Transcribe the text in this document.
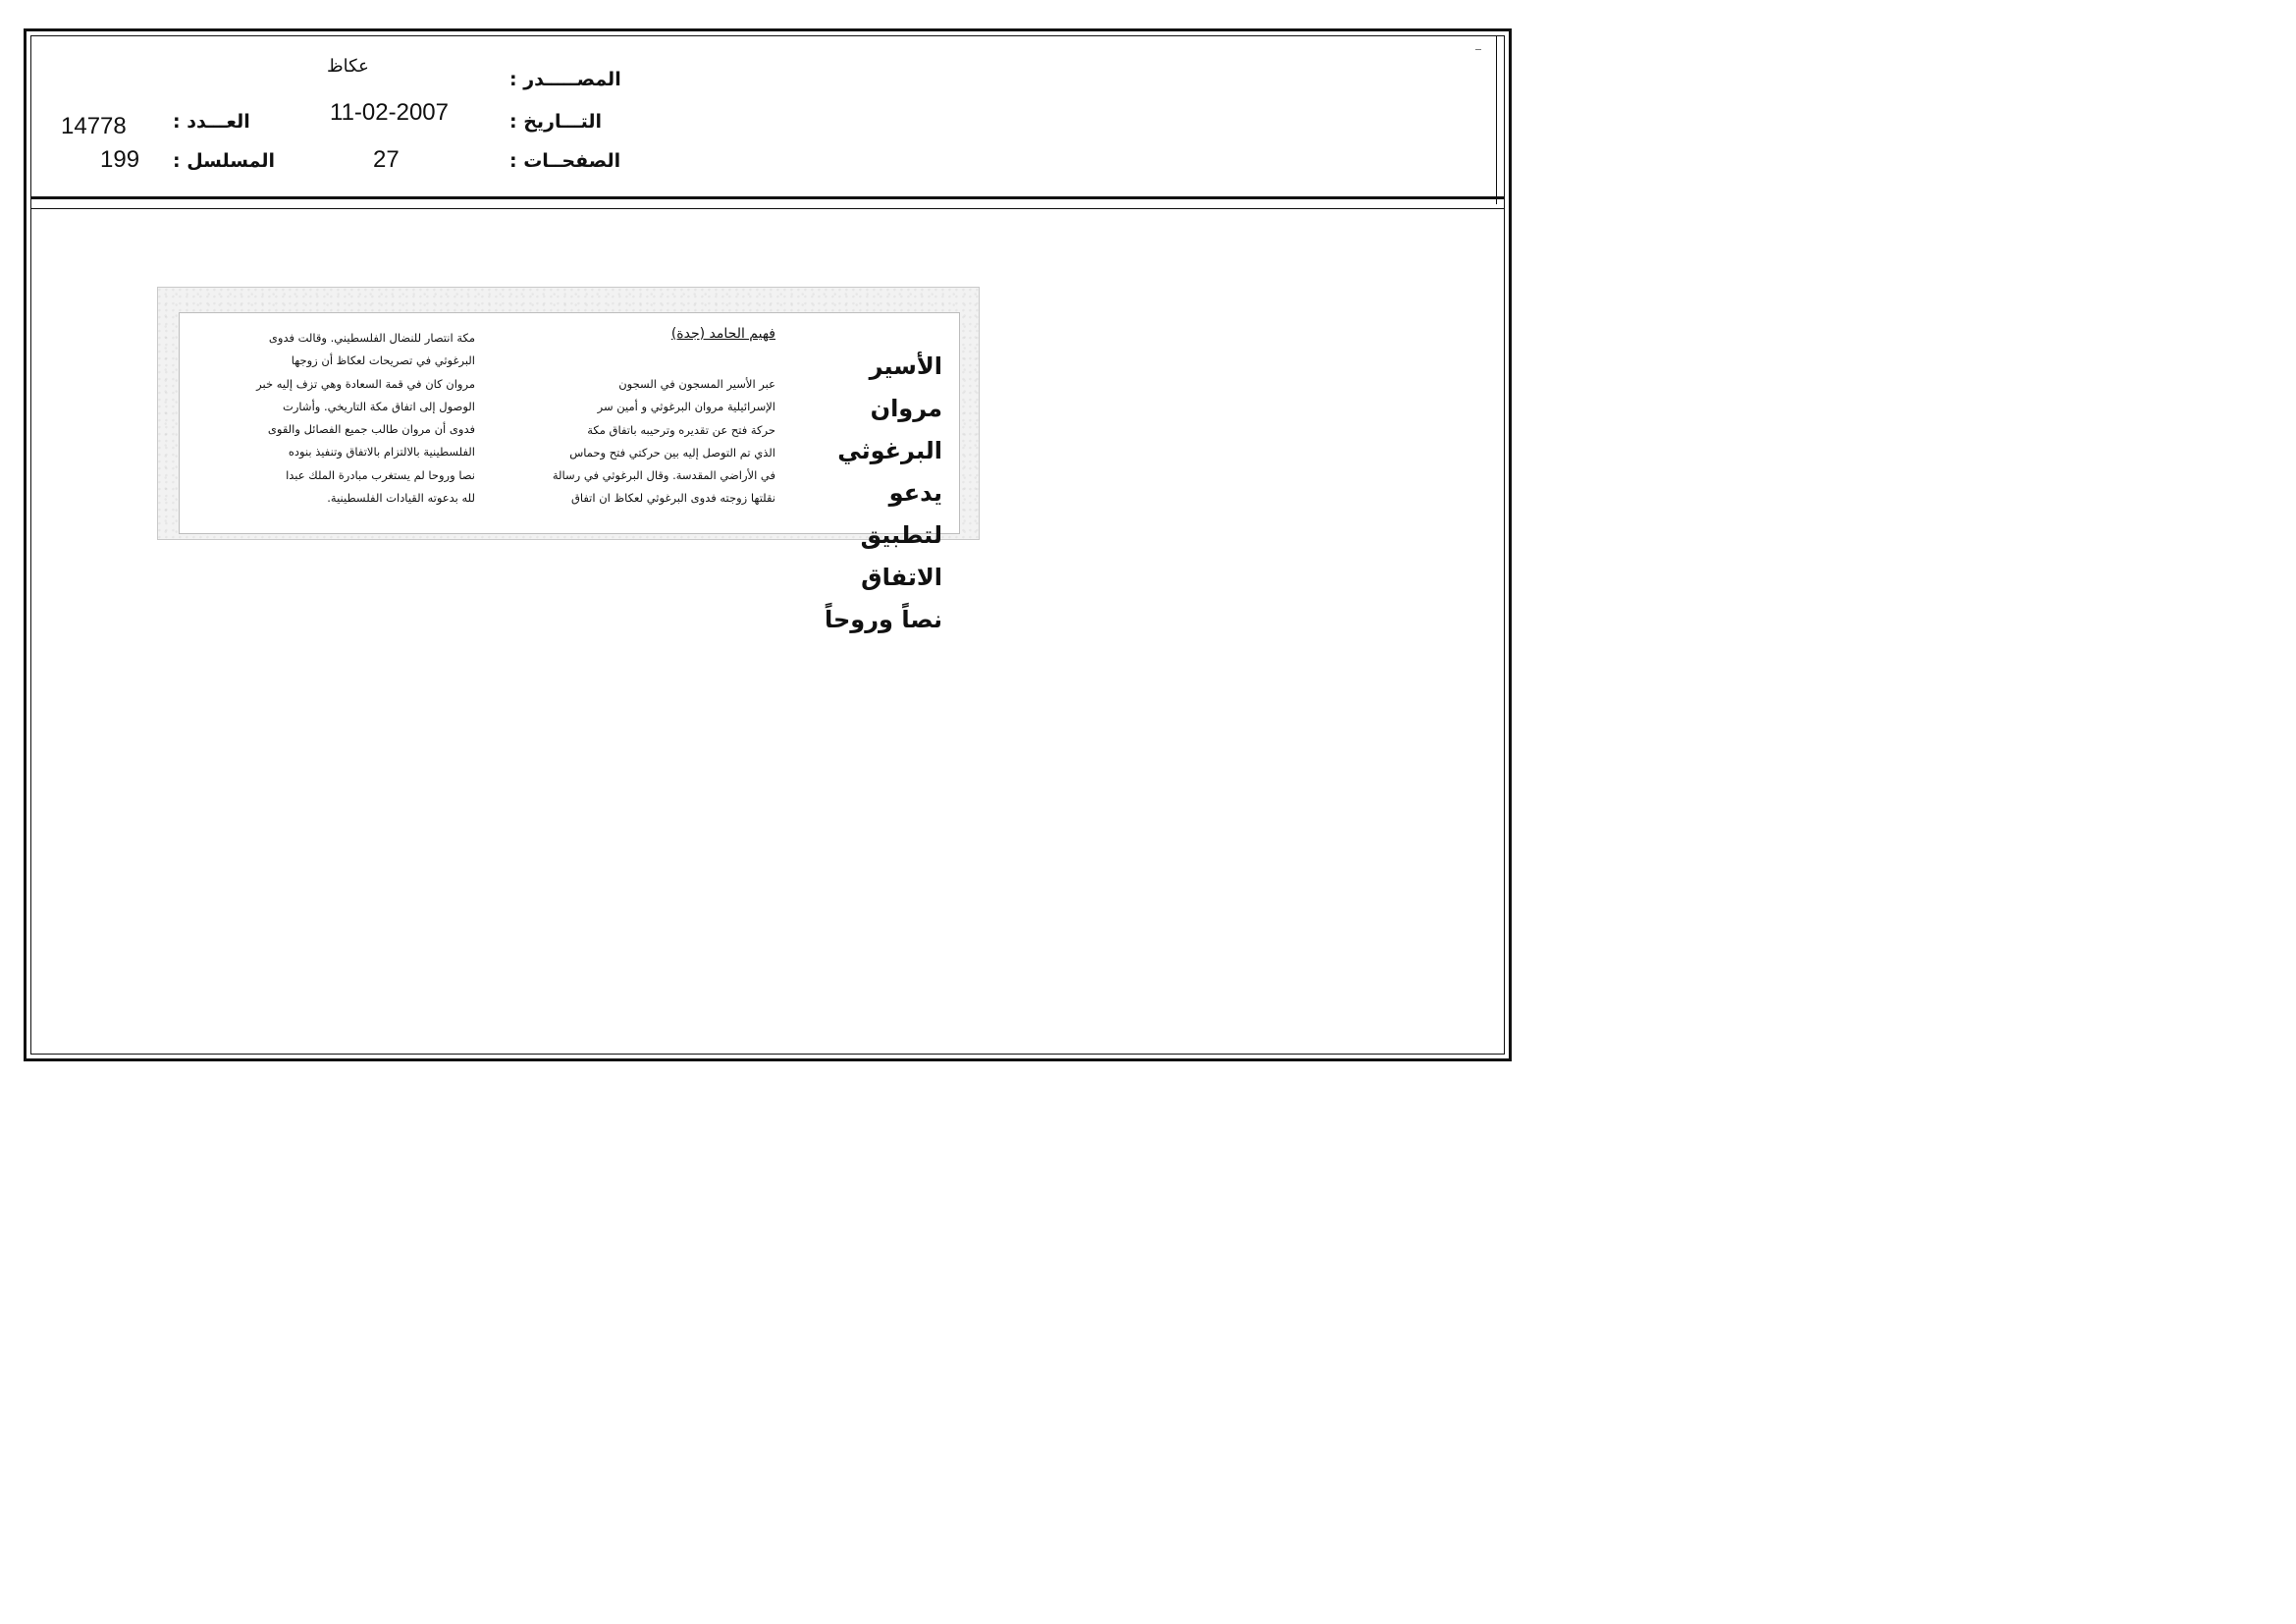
عكاظ
المصـــــدر :
11-02-2007	التـــاريخ :
27	الصفحــات :
14778 العـــدد :
199 المسلسل :
الأسير مروان
البرغوثي يدعو
لتطبيق الاتفاق
نصاً وروحاً
فهيم الحامد (جدة)
عبر الأسير المسجون في السجون
الإسرائيلية مروان البرغوثي و أمين سر
حركة فتح عن تقديره وترحيبه باتفاق مكة
الذي تم التوصل إليه بين حركتي فتح وحماس
في الأراضي المقدسة. وقال البرغوثي في رسالة
نقلتها زوجته فدوى البرغوثي لعكاظ ان اتفاق
مكة انتصار للنضال الفلسطيني. وقالت فدوى
البرغوثي في تصريحات لعكاظ أن زوجها
مروان كان في قمة السعادة وهي تزف إليه خبر
الوصول إلى اتفاق مكة التاريخي. وأشارت
فدوى أن مروان طالب جميع الفصائل والقوى
الفلسطينية بالالتزام بالاتفاق وتنفيذ بنوده
نصا وروحا لم يستغرب مبادرة الملك عبدا
لله بدعوته القيادات الفلسطينية.
